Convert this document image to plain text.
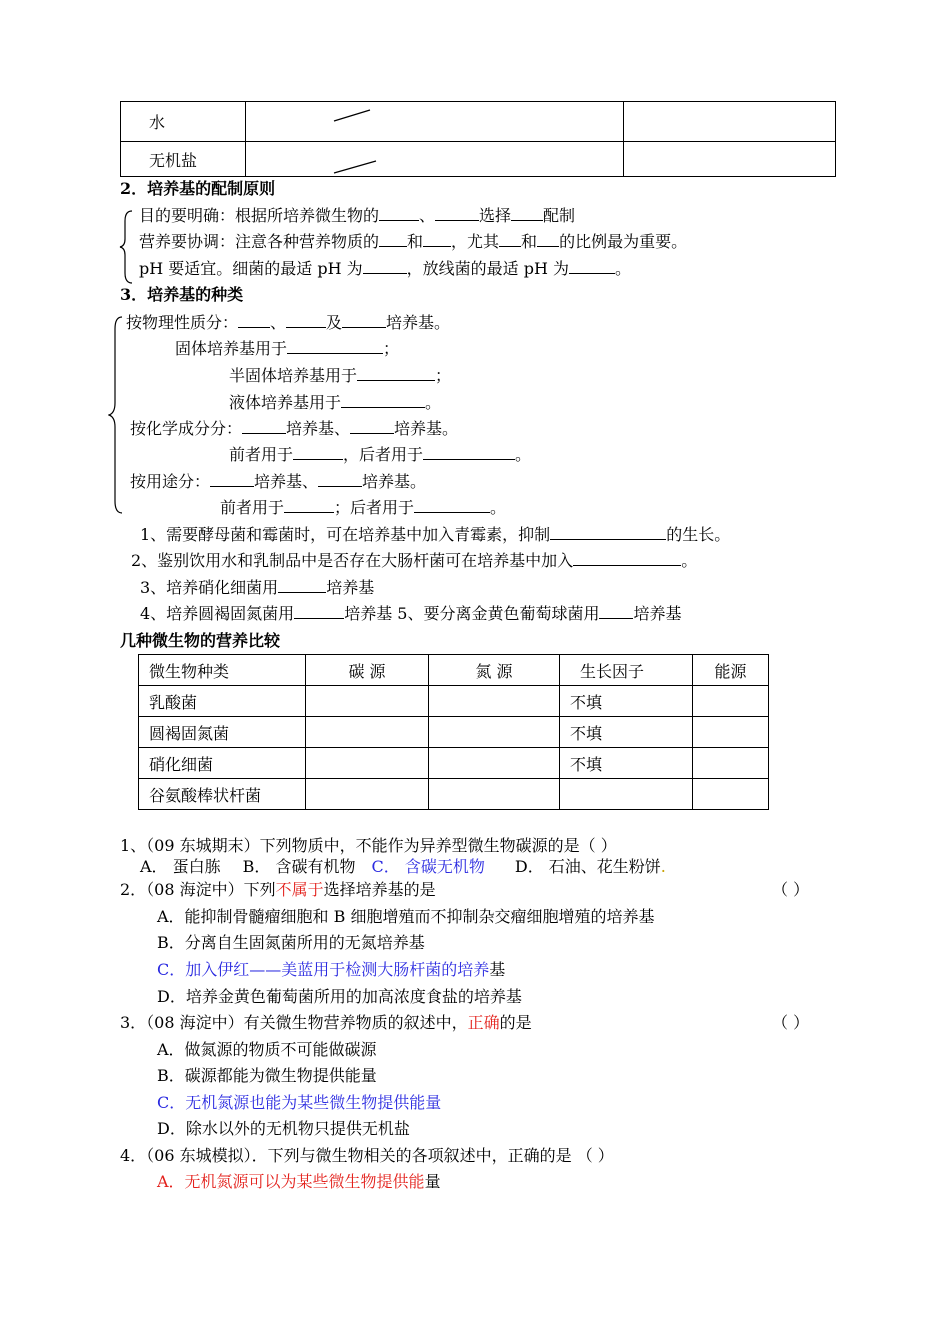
水		
无机盐		
2．培养基的配制原则
目的要明确：根据所培养微生物的	、	选择 配制
营养要协调：注意各种营养物质的 和 ，尤其 和 的比例最为重要。
pH 要适宜。细菌的最适 pH 为	，放线菌的最适 pH 为	。
3．培养基的种类
按物理性质分： 、	及	培养基。
固体培养基用于	；
半固体培养基用于	；
液体培养基用于	。
按化学成分分：	培养基、	培养基。
前者用于	，后者用于	。
按用途分：	培养基、	培养基。
前者用于	；后者用于	。
1、需要酵母菌和霉菌时，可在培养基中加入青霉素，抑制	的生长。
2、鉴别饮用水和乳制品中是否存在大肠杆菌可在培养基中加入	。
3、培养硝化细菌用	培养基
4、培养圆褐固氮菌用	培养基 5、要分离金黄色葡萄球菌用 培养基
几种微生物的营养比较
微生物种类	碳 源	氮 源	生长因子	能源
乳酸菌			不填	
圆褐固氮菌			不填	
硝化细菌			不填	
谷氨酸棒状杆菌				
1、（09 东城期末）下列物质中，不能作为异养型微生物碳源的是（ ）
A． 蛋白胨 B． 含碳有机物 C． 含碳无机物 D． 石油、花生粉饼.
2．（08 海淀中）下列不属于选择培养基的是	（ ）
A．能抑制骨髓瘤细胞和 B 细胞增殖而不抑制杂交瘤细胞增殖的培养基
B．分离自生固氮菌所用的无氮培养基
C．加入伊红——美蓝用于检测大肠杆菌的培养基
D．培养金黄色葡萄菌所用的加高浓度食盐的培养基
3．（08 海淀中）有关微生物营养物质的叙述中，正确的是	（ ）
A．做氮源的物质不可能做碳源
B．碳源都能为微生物提供能量
C．无机氮源也能为某些微生物提供能量
D．除水以外的无机物只提供无机盐
4．（06 东城模拟）．下列与微生物相关的各项叙述中，正确的是 （ ）
A．无机氮源可以为某些微生物提供能量
